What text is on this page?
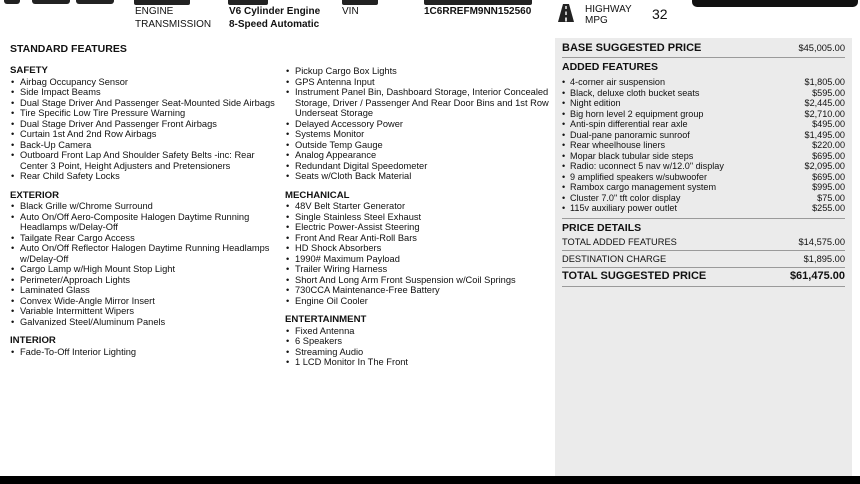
ENGINE	V6 Cylinder Engine
TRANSMISSION 8-Speed Automatic
VIN	1C6RREFM9NN152560	HIGHWAY
MPG	32
STANDARD FEATURES
SAFETY
• Airbag Occupancy Sensor
• Side Impact Beams
• Dual Stage Driver And Passenger Seat-Mounted Side Airbags
• Tire Specific Low Tire Pressure Warning
• Dual Stage Driver And Passenger Front Airbags
• Curtain 1st And 2nd Row Airbags
• Back-Up Camera
• Outboard Front Lap And Shoulder Safety Belts -inc: Rear Center 3 Point, Height Adjusters and Pretensioners
• Rear Child Safety Locks
EXTERIOR
• Black Grille w/Chrome Surround
• Auto On/Off Aero-Composite Halogen Daytime Running Headlamps w/Delay-Off
• Tailgate Rear Cargo Access
• Auto On/Off Reflector Halogen Daytime Running Headlamps w/Delay-Off
• Cargo Lamp w/High Mount Stop Light
• Perimeter/Approach Lights
• Laminated Glass
• Convex Wide-Angle Mirror Insert
• Variable Intermittent Wipers
• Galvanized Steel/Aluminum Panels
INTERIOR
• Fade-To-Off Interior Lighting
• Pickup Cargo Box Lights
• GPS Antenna Input
• Instrument Panel Bin, Dashboard Storage, Interior Concealed Storage, Driver / Passenger And Rear Door Bins and 1st Row Underseat Storage
• Delayed Accessory Power
• Systems Monitor
• Outside Temp Gauge
• Analog Appearance
• Redundant Digital Speedometer
• Seats w/Cloth Back Material
MECHANICAL
• 48V Belt Starter Generator
• Single Stainless Steel Exhaust
• Electric Power-Assist Steering
• Front And Rear Anti-Roll Bars
• HD Shock Absorbers
• 1990# Maximum Payload
• Trailer Wiring Harness
• Short And Long Arm Front Suspension w/Coil Springs
• 730CCA Maintenance-Free Battery
• Engine Oil Cooler
ENTERTAINMENT
• Fixed Antenna
• 6 Speakers
• Streaming Audio
• 1 LCD Monitor In The Front
BASE SUGGESTED PRICE	$45,005.00
ADDED FEATURES
• 4-corner air suspension	$1,805.00
• Black, deluxe cloth bucket seats	$595.00
• Night edition	$2,445.00
• Big horn level 2 equipment group	$2,710.00
• Anti-spin differential rear axle	$495.00
• Dual-pane panoramic sunroof	$1,495.00
• Rear wheelhouse liners	$220.00
• Mopar black tubular side steps	$695.00
• Radio: uconnect 5 nav w/12.0" display	$2,095.00
• 9 amplified speakers w/subwoofer	$695.00
• Rambox cargo management system	$995.00
• Cluster 7.0" tft color display	$75.00
• 115v auxiliary power outlet	$255.00
PRICE DETAILS
TOTAL ADDED FEATURES	$14,575.00
DESTINATION CHARGE	$1,895.00
TOTAL SUGGESTED PRICE	$61,475.00
